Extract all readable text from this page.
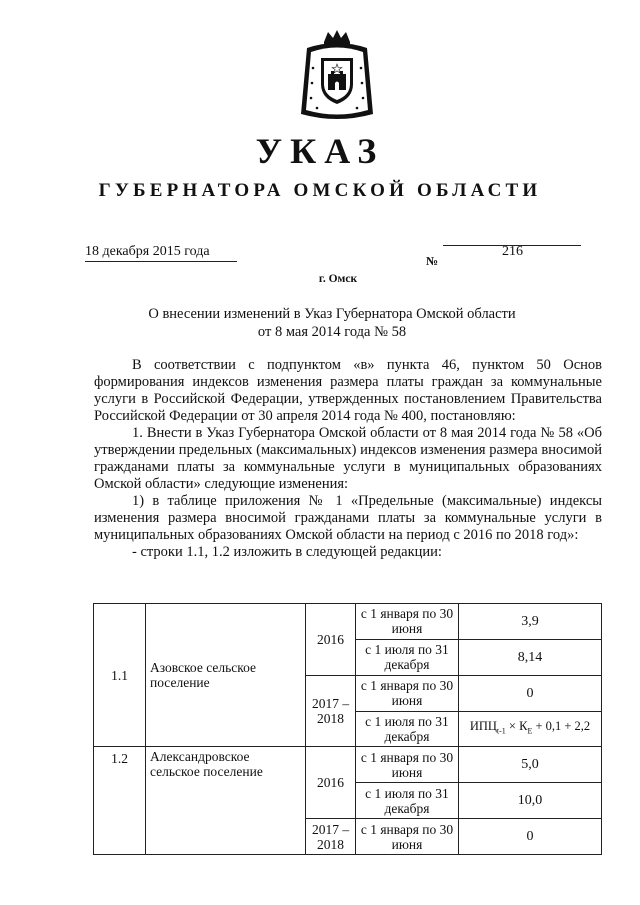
УКАЗ
ГУБЕРНАТОРА ОМСКОЙ ОБЛАСТИ
18 декабря 2015 года
№
216
г. Омск
О внесении изменений в Указ Губернатора Омской области
от 8 мая 2014 года № 58

В соответствии с подпунктом «в» пункта 46, пунктом 50 Основ формирования индексов изменения размера платы граждан за коммунальные услуги в Российской Федерации, утвержденных постановлением Правительства Российской Федерации от 30 апреля 2014 года № 400, постановляю:

1. Внести в Указ Губернатора Омской области от 8 мая 2014 года № 58 «Об утверждении предельных (максимальных) индексов изменения размера вносимой гражданами платы за коммунальные услуги в муниципальных образованиях Омской области» следующие изменения:

1) в таблице приложения № 1 «Предельные (максимальные) индексы изменения размера вносимой гражданами платы за коммунальные услуги в муниципальных образованиях Омской области на период с 2016 по 2018 год»:

- строки 1.1, 1.2 изложить в следующей редакции:

1.1	Азовское сельское поселение	2016	с 1 января по 30 июня	3,9
			с 1 июля по 31 декабря	8,14
		2017 – 2018	с 1 января по 30 июня	0
			с 1 июля по 31 декабря	$ИПЦ_{t-1} \times К_E + 0,1 + 2,2$
1.2	Александровское сельское поселение	2016	с 1 января по 30 июня	5,0
			с 1 июля по 31 декабря	10,0
		2017 – 2018	с 1 января по 30 июня	0
